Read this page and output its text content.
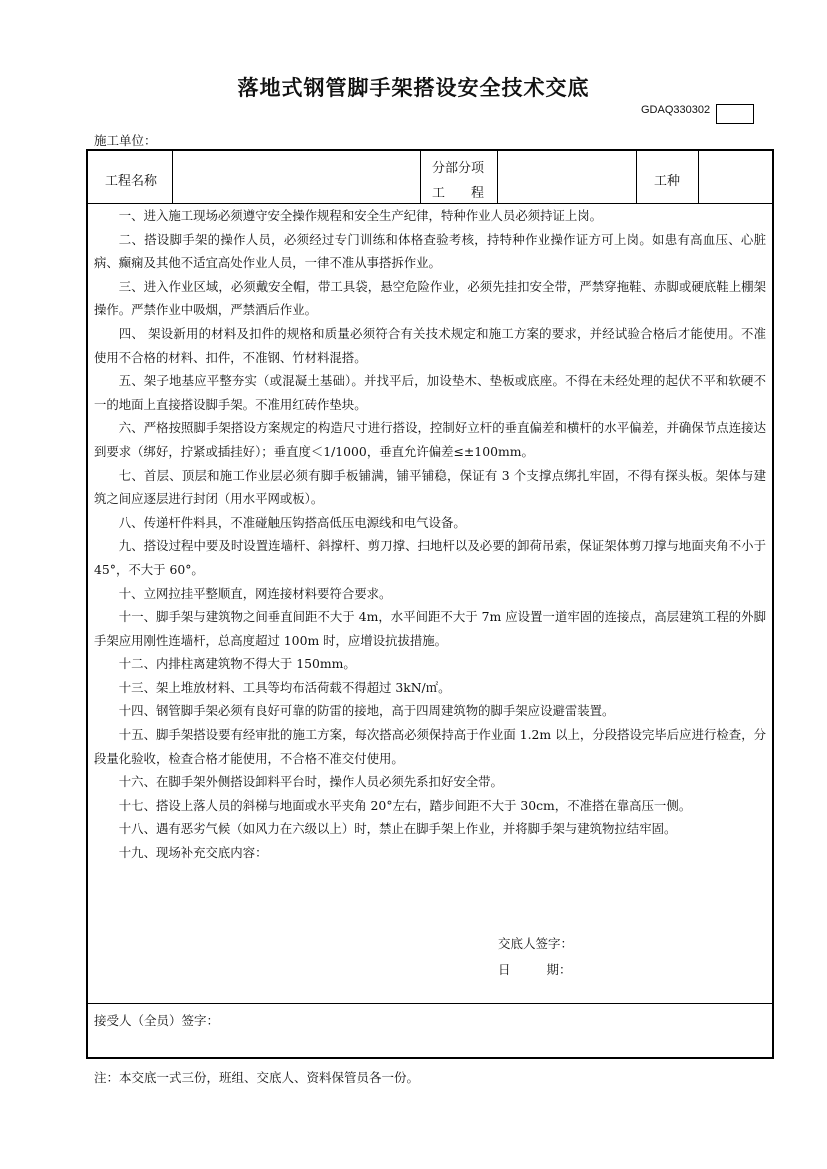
落地式钢管脚手架搭设安全技术交底
GDAQ330302
施工单位：
工程名称
分部分项
工　　程
工种

一、进入施工现场必须遵守安全操作规程和安全生产纪律，特种作业人员必须持证上岗。

二、搭设脚手架的操作人员，必须经过专门训练和体格查验考核，持特种作业操作证方可上岗。如患有高血压、心脏病、癫痫及其他不适宜高处作业人员，一律不准从事搭拆作业。

三、进入作业区域，必须戴安全帽，带工具袋，悬空危险作业，必须先挂扣安全带，严禁穿拖鞋、赤脚或硬底鞋上棚架操作。严禁作业中吸烟，严禁酒后作业。

四、 架设新用的材料及扣件的规格和质量必须符合有关技术规定和施工方案的要求，并经试验合格后才能使用。不准使用不合格的材料、扣件，不准钢、竹材料混搭。

五、架子地基应平整夯实（或混凝土基础）。并找平后，加设垫木、垫板或底座。不得在未经处理的起伏不平和软硬不一的地面上直接搭设脚手架。不准用红砖作垫块。

六、严格按照脚手架搭设方案规定的构造尺寸进行搭设，控制好立杆的垂直偏差和横杆的水平偏差，并确保节点连接达到要求（绑好，拧紧或插挂好）；垂直度＜1/1000，垂直允许偏差≤±100mm。

七、首层、顶层和施工作业层必须有脚手板铺满，铺平铺稳，保证有 3 个支撑点绑扎牢固，不得有探头板。架体与建筑之间应逐层进行封闭（用水平网或板）。

八、传递杆件料具，不准碰触压钩搭高低压电源线和电气设备。

九、搭设过程中要及时设置连墙杆、斜撑杆、剪刀撑、扫地杆以及必要的卸荷吊索，保证架体剪刀撑与地面夹角不小于 45°，不大于 60°。

十、立网拉挂平整顺直，网连接材料要符合要求。

十一、脚手架与建筑物之间垂直间距不大于 4m，水平间距不大于 7m 应设置一道牢固的连接点，高层建筑工程的外脚手架应用刚性连墙杆，总高度超过 100m 时，应增设抗拔措施。

十二、内排柱离建筑物不得大于 150mm。

十三、架上堆放材料、工具等均布活荷载不得超过 3kN/㎡。

十四、钢管脚手架必须有良好可靠的防雷的接地，高于四周建筑物的脚手架应设避雷装置。

十五、脚手架搭设要有经审批的施工方案，每次搭高必须保持高于作业面 1.2m 以上，分段搭设完毕后应进行检查，分段量化验收，检查合格才能使用，不合格不准交付使用。

十六、在脚手架外侧搭设卸料平台时，操作人员必须先系扣好安全带。

十七、搭设上落人员的斜梯与地面或水平夹角 20°左右，踏步间距不大于 30cm，不准搭在靠高压一侧。

十八、遇有恶劣气候（如风力在六级以上）时，禁止在脚手架上作业，并将脚手架与建筑物拉结牢固。

十九、现场补充交底内容：

交底人签字：
日	期：
接受人（全员）签字：
注：本交底一式三份，班组、交底人、资料保管员各一份。
